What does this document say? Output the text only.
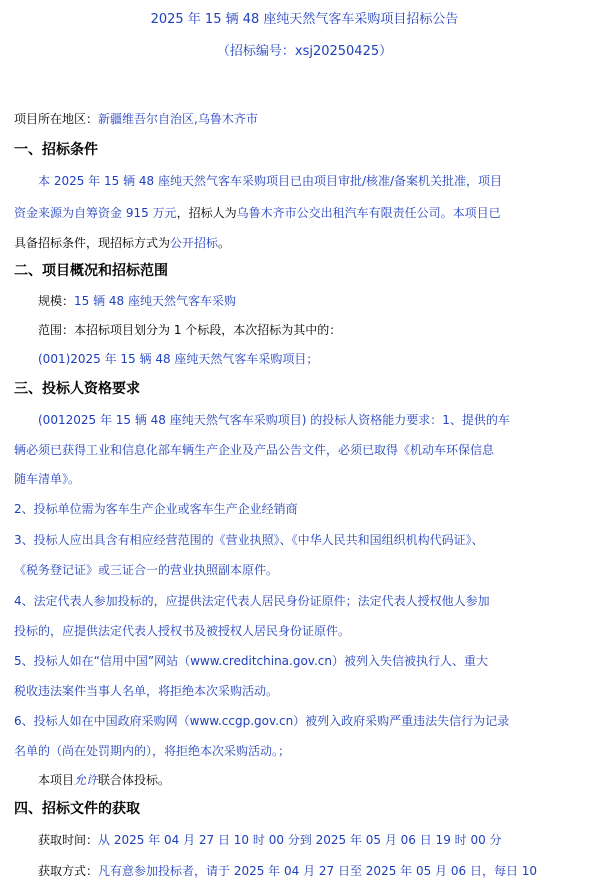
2025 年 15 辆 48 座纯天然气客车采购项目招标公告
（招标编号：xsj20250425）
项目所在地区：新疆维吾尔自治区,乌鲁木齐市
一、招标条件
本 2025 年 15 辆 48 座纯天然气客车采购项目已由项目审批/核准/备案机关批准，项目
资金来源为自筹资金 915 万元，招标人为乌鲁木齐市公交出租汽车有限责任公司。本项目已
具备招标条件，现招标方式为公开招标。
二、项目概况和招标范围
规模：15 辆 48 座纯天然气客车采购
范围：本招标项目划分为 1 个标段，本次招标为其中的：
(001)2025 年 15 辆 48 座纯天然气客车采购项目；
三、投标人资格要求
(0012025 年 15 辆 48 座纯天然气客车采购项目) 的投标人资格能力要求：1、提供的车
辆必须已获得工业和信息化部车辆生产企业及产品公告文件，必须已取得《机动车环保信息
随车清单》。
2、投标单位需为客车生产企业或客车生产企业经销商
3、投标人应出具含有相应经营范围的《营业执照》、《中华人民共和国组织机构代码证》、
《税务登记证》或三证合一的营业执照副本原件。
4、法定代表人参加投标的，应提供法定代表人居民身份证原件；法定代表人授权他人参加
投标的，应提供法定代表人授权书及被授权人居民身份证原件。
5、投标人如在“信用中国”网站（www.creditchina.gov.cn）被列入失信被执行人、重大
税收违法案件当事人名单，将拒绝本次采购活动。
6、投标人如在中国政府采购网（www.ccgp.gov.cn）被列入政府采购严重违法失信行为记录
名单的（尚在处罚期内的），将拒绝本次采购活动。；
本项目允许联合体投标。
四、招标文件的获取
获取时间：从 2025 年 04 月 27 日 10 时 00 分到 2025 年 05 月 06 日 19 时 00 分
获取方式：凡有意参加投标者，请于 2025 年 04 月 27 日至 2025 年 05 月 06 日，每日 10
